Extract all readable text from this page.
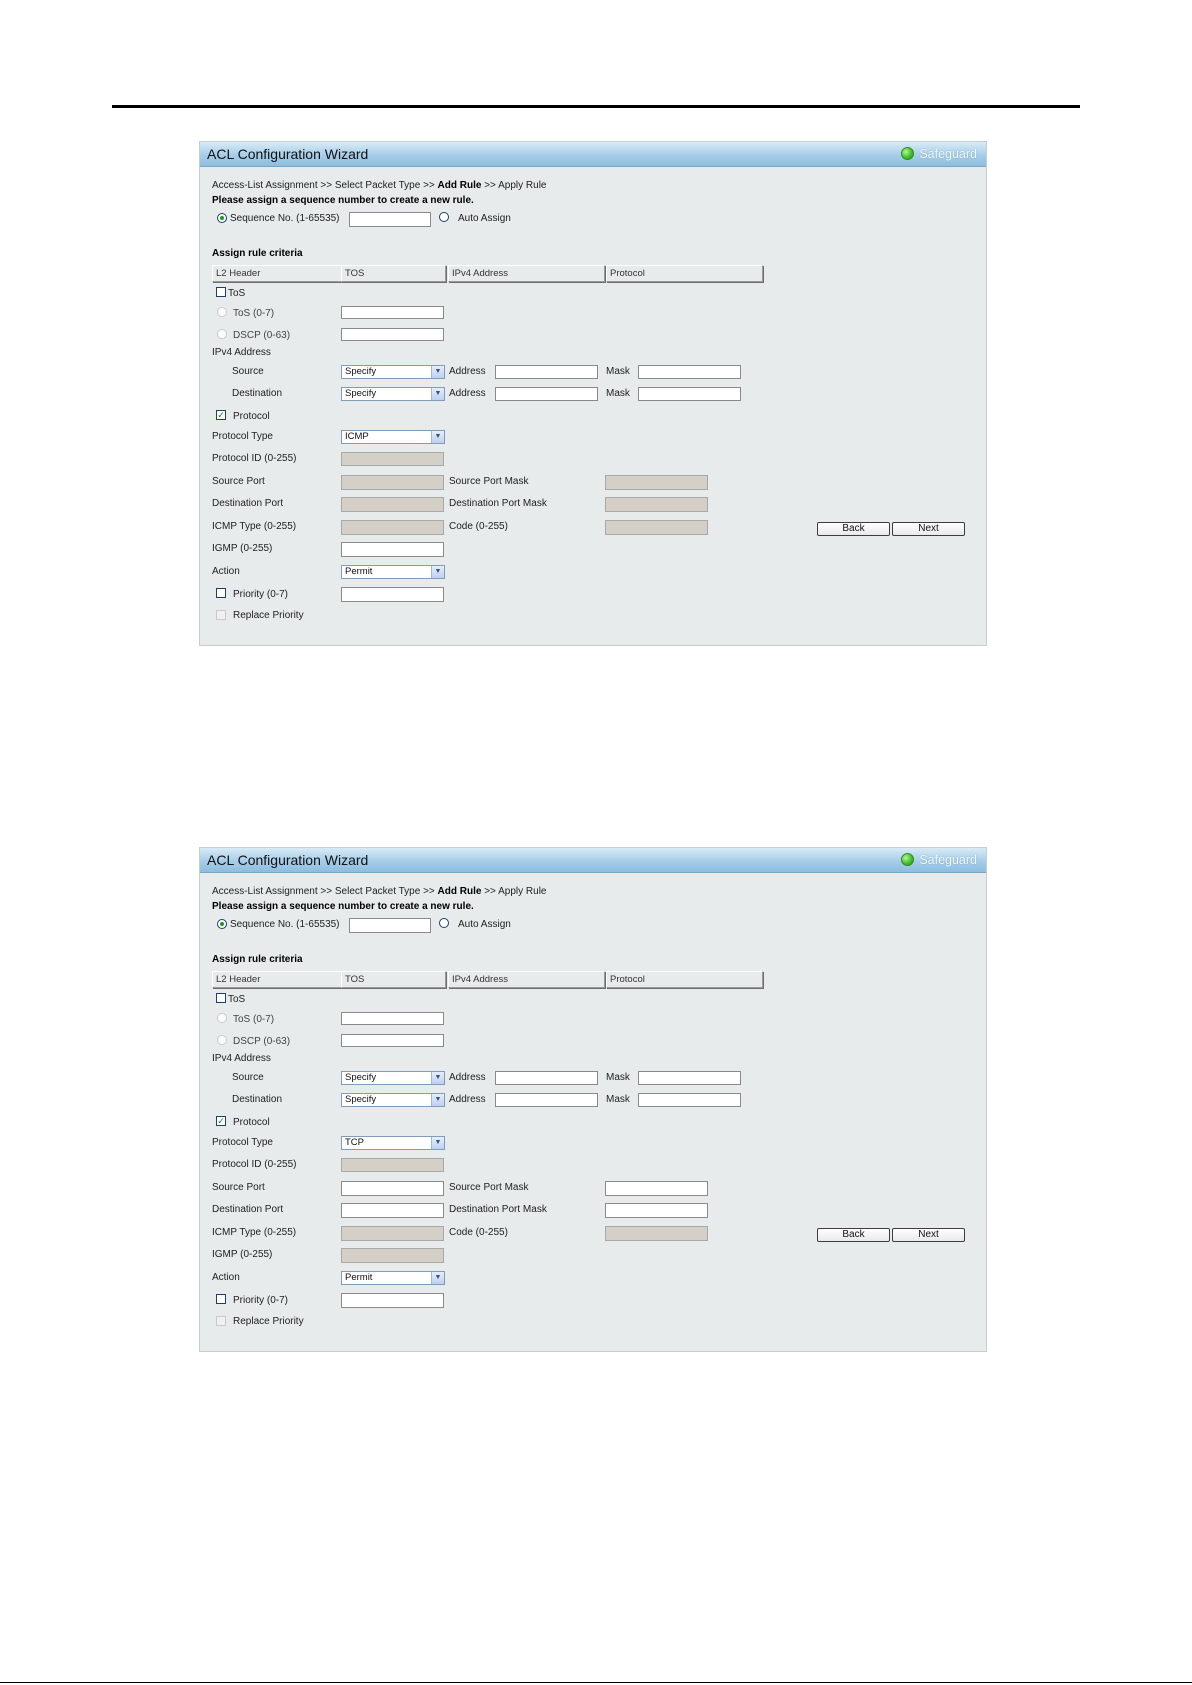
ACL Configuration Wizard	Safeguard
Access-List Assignment >> Select Packet Type >> Add Rule >> Apply Rule
Please assign a sequence number to create a new rule.
Sequence No. (1-65535)	Auto Assign
Assign rule criteria
L2 Header	TOS	IPv4 Address	Protocol
ToS
ToS (0-7)
DSCP (0-63)
IPv4 Address
Source	Specify	▼ Address	Mask
Destination	Specify	▼ Address	Mask
✓ Protocol
Protocol Type	ICMP	▼
Protocol ID (0-255)
Source Port	Source Port Mask
Destination Port	Destination Port Mask
ICMP Type (0-255)	Code (0-255)	Back	Next
IGMP (0-255)
Action	Permit	▼
Priority (0-7)
Replace Priority
ACL Configuration Wizard	Safeguard
Access-List Assignment >> Select Packet Type >> Add Rule >> Apply Rule
Please assign a sequence number to create a new rule.
Sequence No. (1-65535)	Auto Assign
Assign rule criteria
L2 Header	TOS	IPv4 Address	Protocol
ToS
ToS (0-7)
DSCP (0-63)
IPv4 Address
Source	Specify	▼ Address	Mask
Destination	Specify	▼ Address	Mask
✓ Protocol
Protocol Type	TCP	▼
Protocol ID (0-255)
Source Port	Source Port Mask
Destination Port	Destination Port Mask
ICMP Type (0-255)	Code (0-255)	Back	Next
IGMP (0-255)
Action	Permit	▼
Priority (0-7)
Replace Priority
